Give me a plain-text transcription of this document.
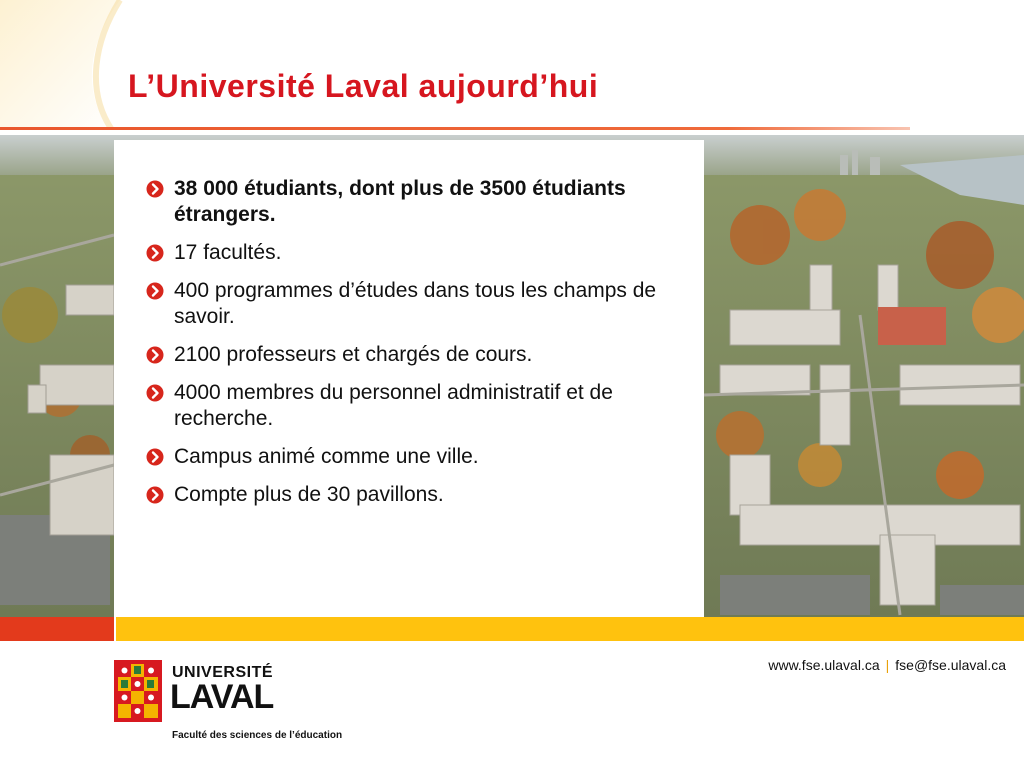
L’Université Laval aujourd’hui
38 000 étudiants, dont plus de 3500 étudiants étrangers.
17 facultés.
400 programmes d’études dans tous les champs de savoir.
2100 professeurs et chargés de cours.
4000 membres du personnel administratif et de recherche.
Campus animé comme une ville.
Compte plus de 30 pavillons.
UNIVERSITÉ
LAVAL
Faculté des sciences de l’éducation
www.fse.ulaval.ca | fse@fse.ulaval.ca
